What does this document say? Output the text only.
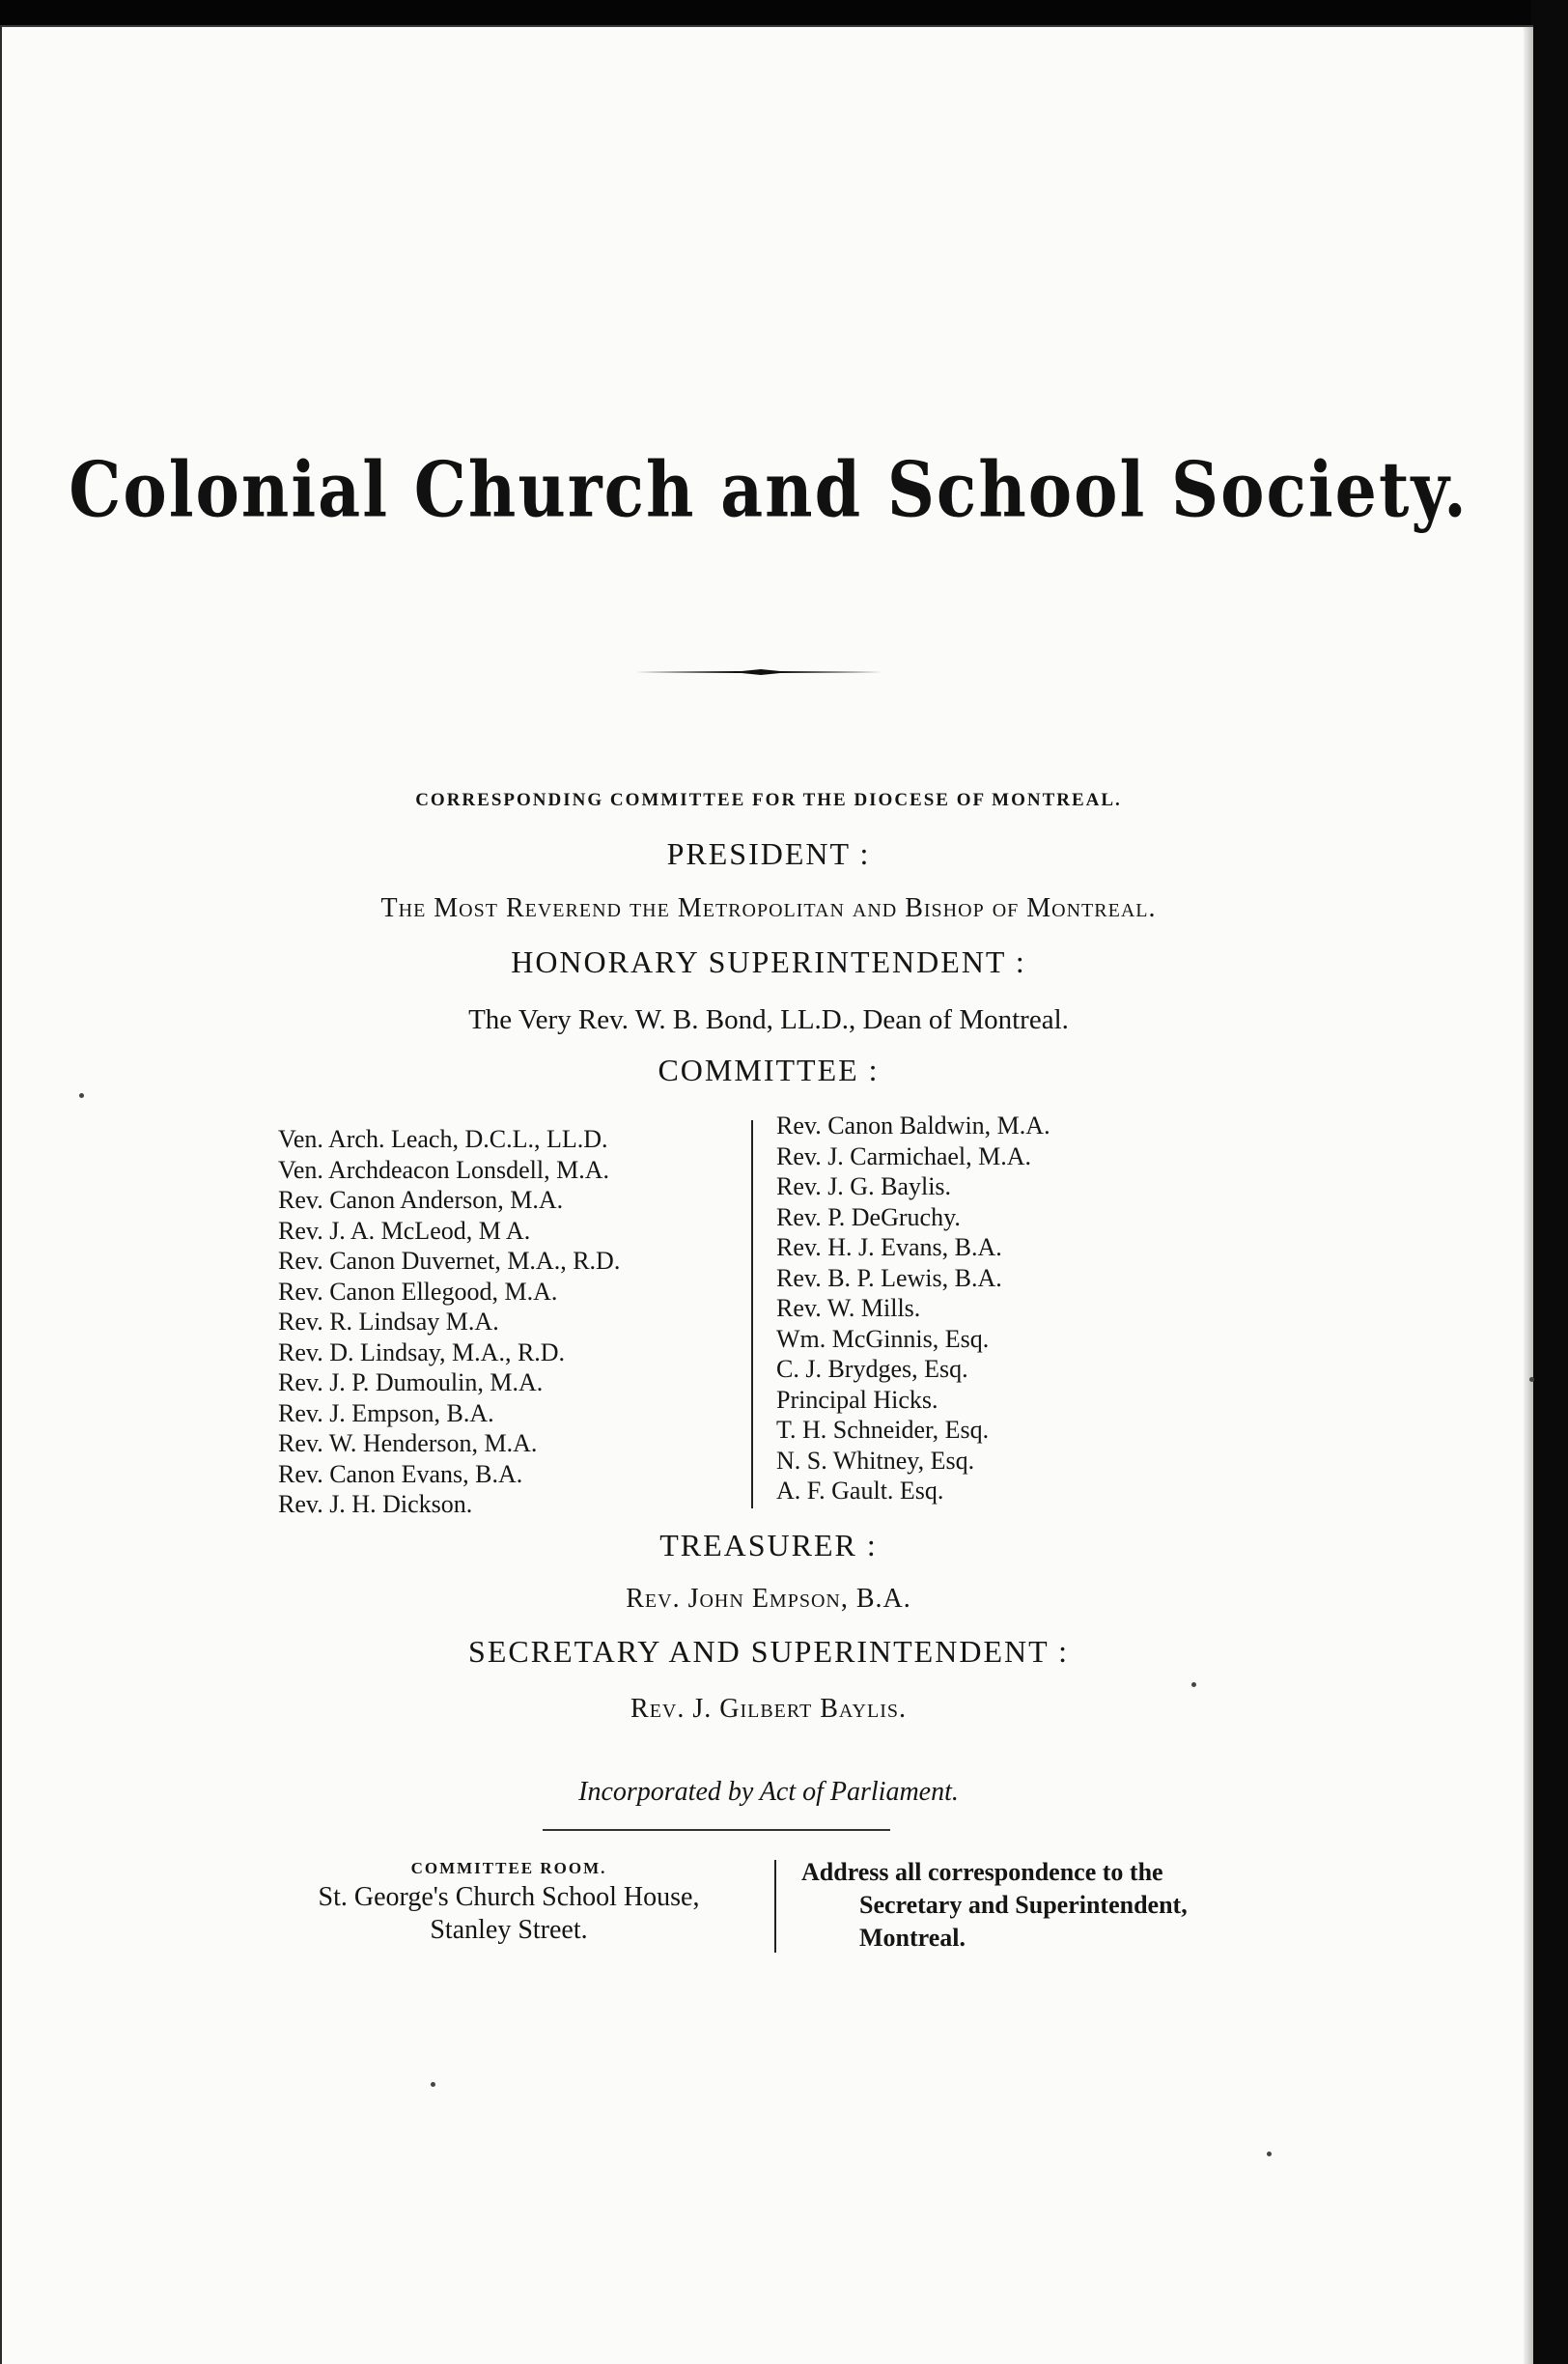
Colonial Church and School Society.
CORRESPONDING COMMITTEE FOR THE DIOCESE OF MONTREAL.
PRESIDENT :
The Most Reverend the Metropolitan and Bishop of Montreal.
HONORARY SUPERINTENDENT :
The Very Rev. W. B. Bond, LL.D., Dean of Montreal.
COMMITTEE :
Ven. Arch. Leach, D.C.L., LL.D.
Ven. Archdeacon Lonsdell, M.A.
Rev. Canon Anderson, M.A.
Rev. J. A. McLeod, M A.
Rev. Canon Duvernet, M.A., R.D.
Rev. Canon Ellegood, M.A.
Rev. R. Lindsay M.A.
Rev. D. Lindsay, M.A., R.D.
Rev. J. P. Dumoulin, M.A.
Rev. J. Empson, B.A.
Rev. W. Henderson, M.A.
Rev. Canon Evans, B.A.
Rev. J. H. Dickson.
Rev. Canon Baldwin, M.A.
Rev. J. Carmichael, M.A.
Rev. J. G. Baylis.
Rev. P. DeGruchy.
Rev. H. J. Evans, B.A.
Rev. B. P. Lewis, B.A.
Rev. W. Mills.
Wm. McGinnis, Esq.
C. J. Brydges, Esq.
Principal Hicks.
T. H. Schneider, Esq.
N. S. Whitney, Esq.
A. F. Gault. Esq.
TREASURER :
Rev. John Empson, B.A.
SECRETARY AND SUPERINTENDENT :
Rev. J. Gilbert Baylis.
Incorporated by Act of Parliament.
COMMITTEE ROOM.
St. George's Church School House,
Stanley Street.
Address all correspondence to the
Secretary and Superintendent,
Montreal.
